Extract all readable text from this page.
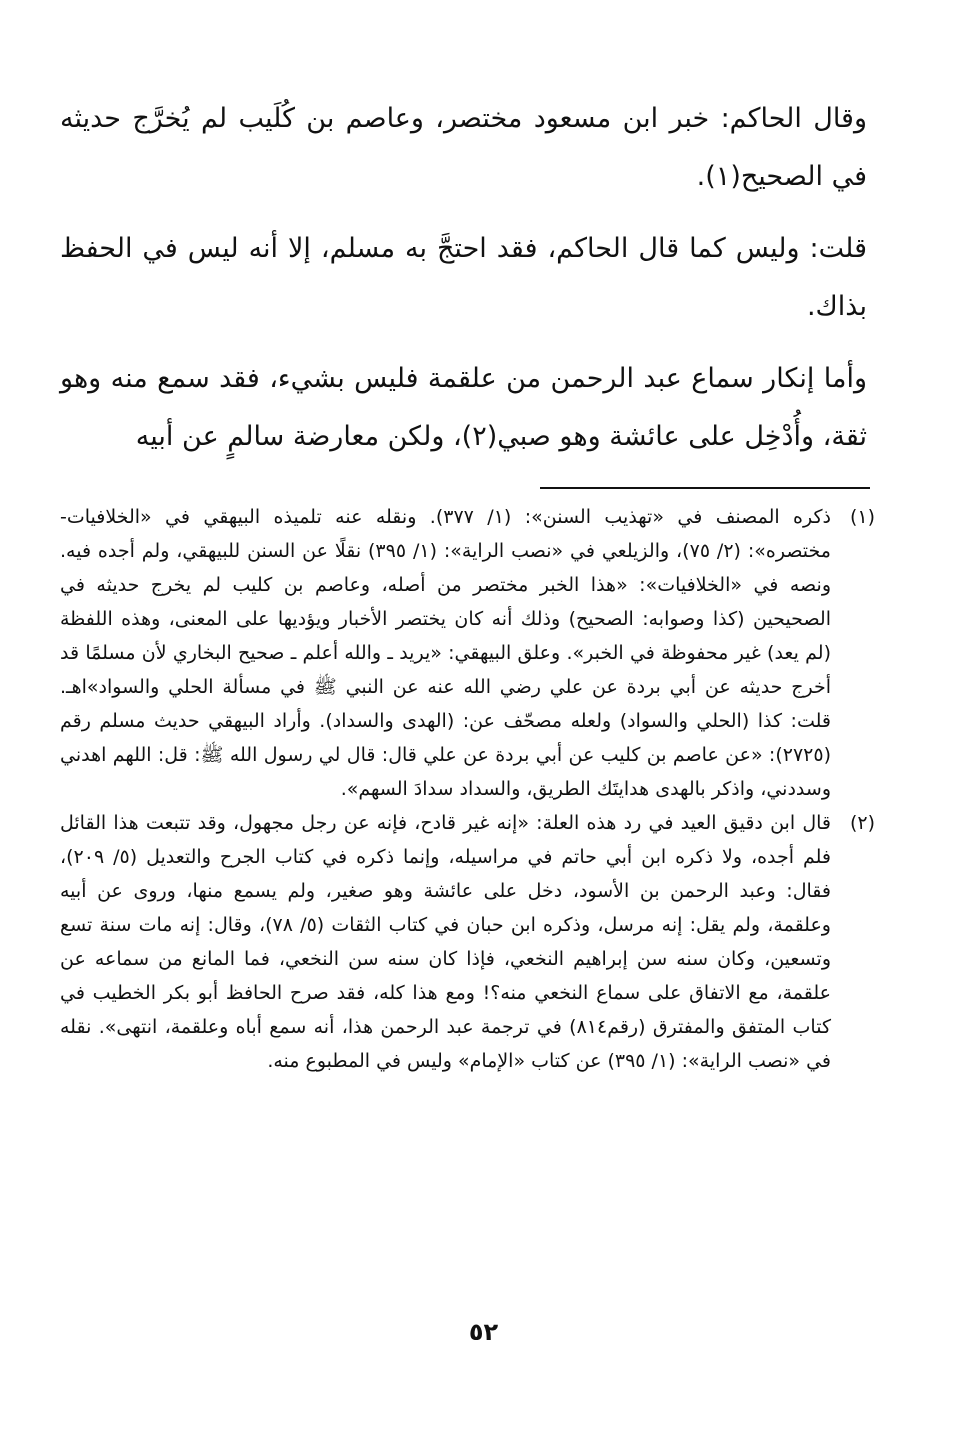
وقال الحاكم: خبر ابن مسعود مختصر، وعاصم بن كُلَيب لم يُخرَّج حديثه في الصحيح(١).

قلت: وليس كما قال الحاكم، فقد احتجَّ به مسلم، إلا أنه ليس في الحفظ بذاك.

وأما إنكار سماع عبد الرحمن من علقمة فليس بشيء، فقد سمع منه وهو ثقة، وأُدْخِل على عائشة وهو صبي(٢)، ولكن معارضة سالمٍ عن أبيه

(١)

ذكره المصنف في «تهذيب السنن»: (١/ ٣٧٧). ونقله عنه تلميذه البيهقي في «الخلافيات- مختصره»: (٢/ ٧٥)، والزيلعي في «نصب الراية»: (١/ ٣٩٥) نقلًا عن السنن للبيهقي، ولم أجده فيه. ونصه في «الخلافيات»: «هذا الخبر مختصر من أصله، وعاصم بن كليب لم يخرج حديثه في الصحيحين (كذا وصوابه: الصحيح) وذلك أنه كان يختصر الأخبار ويؤديها على المعنى، وهذه اللفظة (لم يعد) غير محفوظة في الخبر». وعلق البيهقي: «يريد ـ والله أعلم ـ صحيح البخاري لأن مسلمًا قد أخرج حديثه عن أبي بردة عن علي رضي الله عنه عن النبي ﷺ في مسألة الحلي والسواد»اهـ. قلت: كذا (الحلي والسواد) ولعله مصحّف عن: (الهدى والسداد). وأراد البيهقي حديث مسلم رقم (٢٧٢٥): «عن عاصم بن كليب عن أبي بردة عن علي قال: قال لي رسول الله ﷺ: قل: اللهم اهدني وسددني، واذكر بالهدى هدايتَك الطريق، والسداد سدادَ السهم».

(٢)

قال ابن دقيق العيد في رد هذه العلة: «إنه غير قادح، فإنه عن رجل مجهول، وقد تتبعت هذا القائل فلم أجده، ولا ذكره ابن أبي حاتم في مراسيله، وإنما ذكره في كتاب الجرح والتعديل (٥/ ٢٠٩)، فقال: وعبد الرحمن بن الأسود، دخل على عائشة وهو صغير، ولم يسمع منها، وروى عن أبيه وعلقمة، ولم يقل: إنه مرسل، وذكره ابن حبان في كتاب الثقات (٥/ ٧٨)، وقال: إنه مات سنة تسع وتسعين، وكان سنه سن إبراهيم النخعي، فإذا كان سنه سن النخعي، فما المانع من سماعه عن علقمة، مع الاتفاق على سماع النخعي منه؟! ومع هذا كله، فقد صرح الحافظ أبو بكر الخطيب في كتاب المتفق والمفترق (رقم٨١٤) في ترجمة عبد الرحمن هذا، أنه سمع أباه وعلقمة، انتهى». نقله في «نصب الراية»: (١/ ٣٩٥) عن كتاب «الإمام» وليس في المطبوع منه.

٥٢
